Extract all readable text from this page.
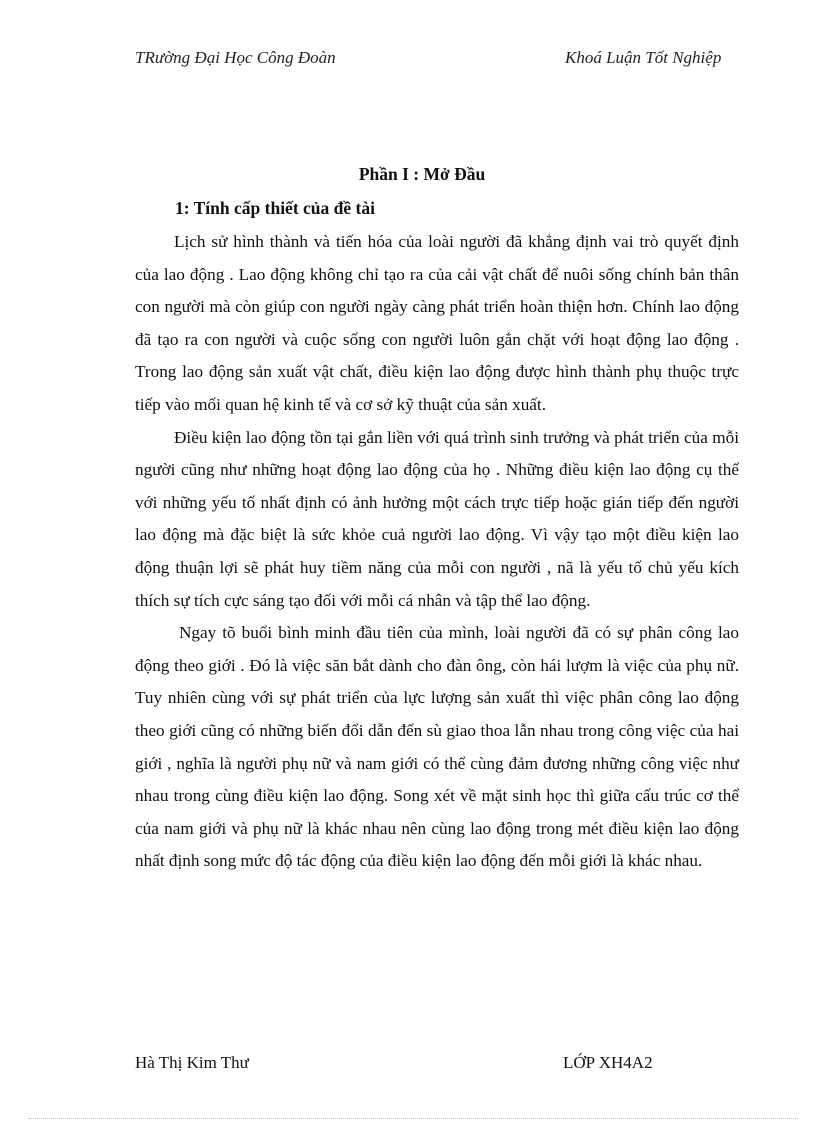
TRường Đại Học Công Đoàn	Khoá Luận Tốt Nghiệp
Phần I : Mở Đầu
1: Tính cấp thiết của đề tài

Lịch sử hình thành và tiến hóa của loài người đã khẳng định vai trò quyết định của lao động . Lao động không chỉ tạo ra của cải vật chất để nuôi sống chính bản thân con người mà còn giúp con người ngày càng phát triển hoàn thiện hơn. Chính lao động đã tạo ra con người và cuộc sống con người luôn gắn chặt với hoạt động lao động . Trong lao động sản xuất vật chất, điều kiện lao động được hình thành phụ thuộc trực tiếp vào mối quan hệ kinh tế và cơ sở kỹ thuật của sản xuất.

Điều kiện lao động tồn tại gắn liền với quá trình sinh trưởng và phát triển của mỗi người cũng như những hoạt động lao động của họ . Những điều kiện lao động cụ thể với những yếu tố nhất định có ảnh hưởng một cách trực tiếp hoặc gián tiếp đến người lao động mà đặc biệt là sức khỏe cuả người lao động. Vì vậy tạo một điều kiện lao động thuận lợi sẽ phát huy tiềm năng của mỗi con người , nã là yếu tố chủ yếu kích thích sự tích cực sáng tạo đối với mỗi cá nhân và tập thể lao động.

Ngay tõ buổi bình minh đầu tiên của mình, loài người đã có sự phân công lao động theo giới . Đó là việc săn bắt dành cho đàn ông, còn hái lượm là việc của phụ nữ. Tuy nhiên cùng với sự phát triển của lực lượng sản xuất thì việc phân công lao động theo giới cũng có những biến đổi dẫn đến sù giao thoa lẫn nhau trong công việc của hai giới , nghĩa là người phụ nữ và nam giới có thể cùng đảm đương những công việc như nhau trong cùng điều kiện lao động. Song xét về mặt sinh học thì giữa cấu trúc cơ thể của nam giới và phụ nữ là khác nhau nên cùng lao động trong mét điều kiện lao động nhất định song mức độ tác động của điều kiện lao động đến mỗi giới là khác nhau.

Hà Thị Kim Thư	LỚP XH4A2
